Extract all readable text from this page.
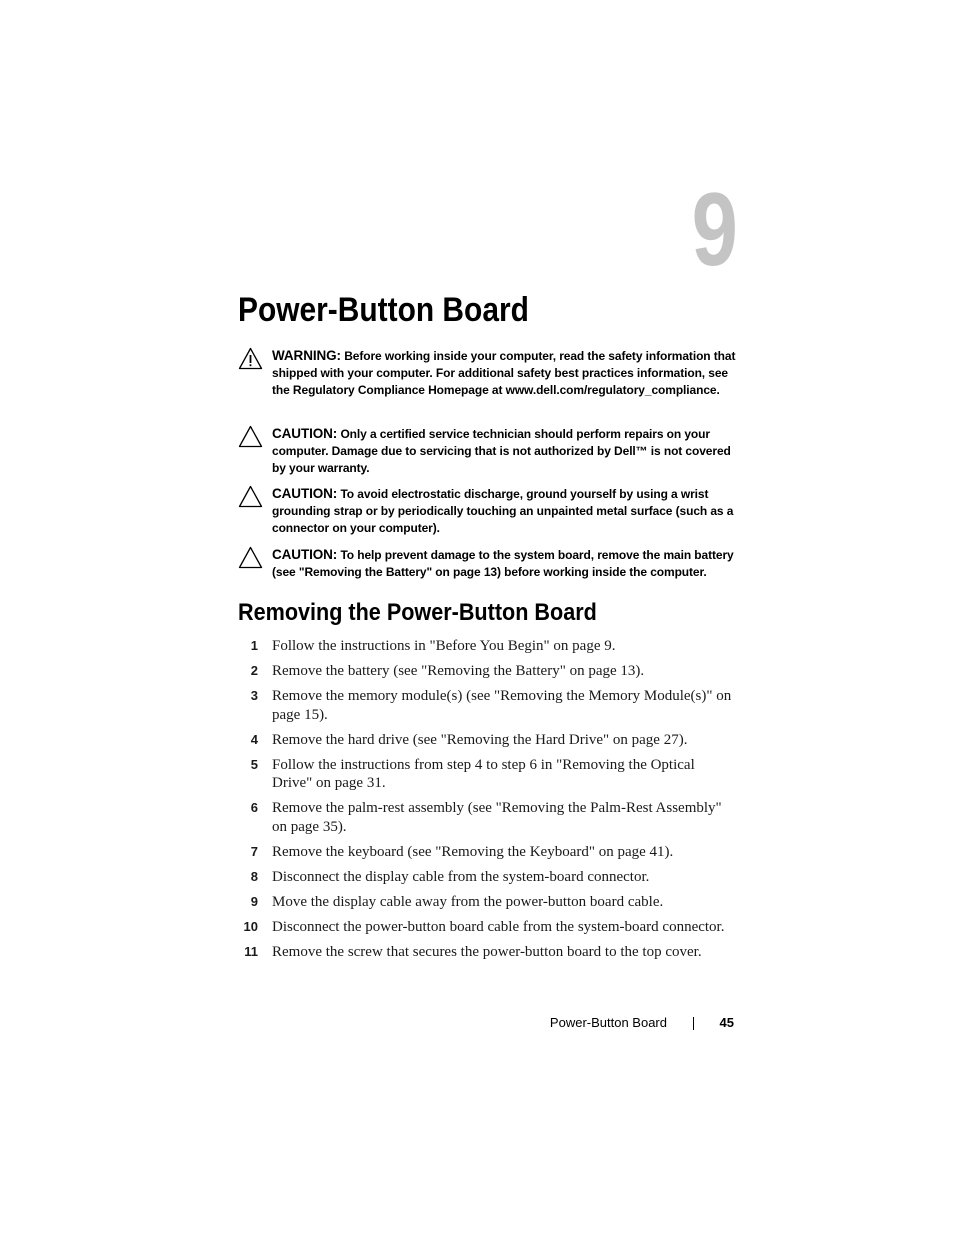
9
Power-Button Board
WARNING: Before working inside your computer, read the safety information that shipped with your computer. For additional safety best practices information, see the Regulatory Compliance Homepage at www.dell.com/regulatory_compliance.
CAUTION: Only a certified service technician should perform repairs on your computer. Damage due to servicing that is not authorized by Dell™ is not covered by your warranty.
CAUTION: To avoid electrostatic discharge, ground yourself by using a wrist grounding strap or by periodically touching an unpainted metal surface (such as a connector on your computer).
CAUTION: To help prevent damage to the system board, remove the main battery (see "Removing the Battery" on page 13) before working inside the computer.
Removing the Power-Button Board
1 Follow the instructions in "Before You Begin" on page 9.
2 Remove the battery (see "Removing the Battery" on page 13).
3 Remove the memory module(s) (see "Removing the Memory Module(s)" on page 15).
4 Remove the hard drive (see "Removing the Hard Drive" on page 27).
5 Follow the instructions from step 4 to step 6 in "Removing the Optical Drive" on page 31.
6 Remove the palm-rest assembly (see "Removing the Palm-Rest Assembly" on page 35).
7 Remove the keyboard (see "Removing the Keyboard" on page 41).
8 Disconnect the display cable from the system-board connector.
9 Move the display cable away from the power-button board cable.
10 Disconnect the power-button board cable from the system-board connector.
11 Remove the screw that secures the power-button board to the top cover.
Power-Button Board	45
